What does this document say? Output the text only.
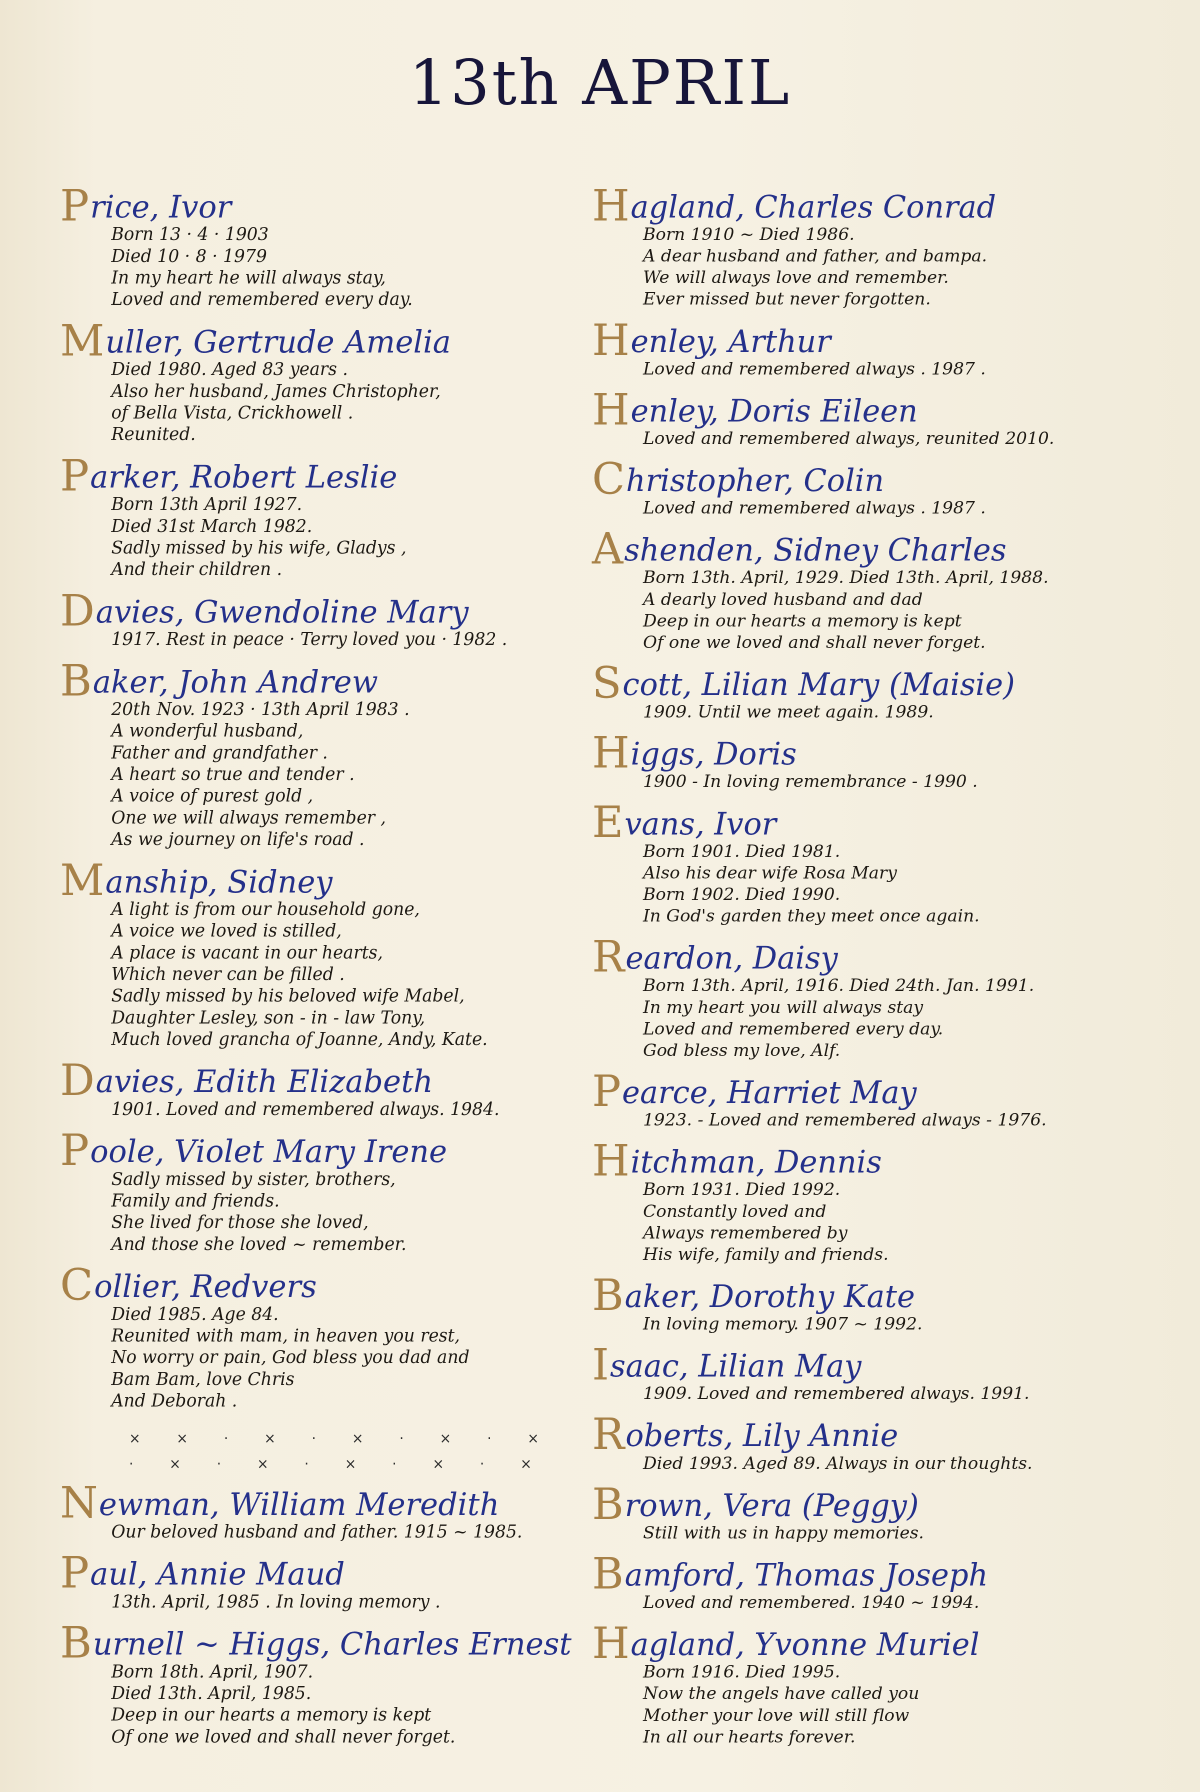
13th APRIL
Price, Ivor
Born 13 · 4 · 1903
Died 10 · 8 · 1979
In my heart he will always stay,
Loved and remembered every day.
Muller, Gertrude Amelia
Died 1980. Aged 83 years .
Also her husband, James Christopher,
of Bella Vista, Crickhowell .
Reunited.
Parker, Robert Leslie
Born 13th April 1927.
Died 31st March 1982.
Sadly missed by his wife, Gladys ,
And their children .
Davies, Gwendoline Mary
1917. Rest in peace · Terry loved you · 1982 .
Baker, John Andrew
20th Nov. 1923 · 13th April 1983 .
A wonderful husband,
Father and grandfather .
A heart so true and tender .
A voice of purest gold ,
One we will always remember ,
As we journey on life's road .
Manship, Sidney
A light is from our household gone,
A voice we loved is stilled,
A place is vacant in our hearts,
Which never can be filled .
Sadly missed by his beloved wife Mabel,
Daughter Lesley, son - in - law Tony,
Much loved grancha of Joanne, Andy, Kate.
Davies, Edith Elizabeth
1901. Loved and remembered always. 1984.
Poole, Violet Mary Irene
Sadly missed by sister, brothers,
Family and friends.
She lived for those she loved,
And those she loved ~ remember.
Collier, Redvers
Died 1985. Age 84.
Reunited with mam, in heaven you rest,
No worry or pain, God bless you dad and
Bam Bam, love Chris
And Deborah .
× × · × · × · × · ×
· × · × · × · × · ×
Newman, William Meredith
Our beloved husband and father. 1915 ~ 1985.
Paul, Annie Maud
13th. April, 1985 . In loving memory .
Burnell ~ Higgs, Charles Ernest
Born 18th. April, 1907.
Died 13th. April, 1985.
Deep in our hearts a memory is kept
Of one we loved and shall never forget.
Hagland, Charles Conrad
Born 1910 ~ Died 1986.
A dear husband and father, and bampa.
We will always love and remember.
Ever missed but never forgotten.
Henley, Arthur
Loved and remembered always . 1987 .
Henley, Doris Eileen
Loved and remembered always, reunited 2010.
Christopher, Colin
Loved and remembered always . 1987 .
Ashenden, Sidney Charles
Born 13th. April, 1929. Died 13th. April, 1988.
A dearly loved husband and dad
Deep in our hearts a memory is kept
Of one we loved and shall never forget.
Scott, Lilian Mary (Maisie)
1909. Until we meet again. 1989.
Higgs, Doris
1900 - In loving remembrance - 1990 .
Evans, Ivor
Born 1901. Died 1981.
Also his dear wife Rosa Mary
Born 1902. Died 1990.
In God's garden they meet once again.
Reardon, Daisy
Born 13th. April, 1916. Died 24th. Jan. 1991.
In my heart you will always stay
Loved and remembered every day.
God bless my love, Alf.
Pearce, Harriet May
1923. - Loved and remembered always - 1976.
Hitchman, Dennis
Born 1931. Died 1992.
Constantly loved and
Always remembered by
His wife, family and friends.
Baker, Dorothy Kate
In loving memory. 1907 ~ 1992.
Isaac, Lilian May
1909. Loved and remembered always. 1991.
Roberts, Lily Annie
Died 1993. Aged 89. Always in our thoughts.
Brown, Vera (Peggy)
Still with us in happy memories.
Bamford, Thomas Joseph
Loved and remembered. 1940 ~ 1994.
Hagland, Yvonne Muriel
Born 1916. Died 1995.
Now the angels have called you
Mother your love will still flow
In all our hearts forever.
